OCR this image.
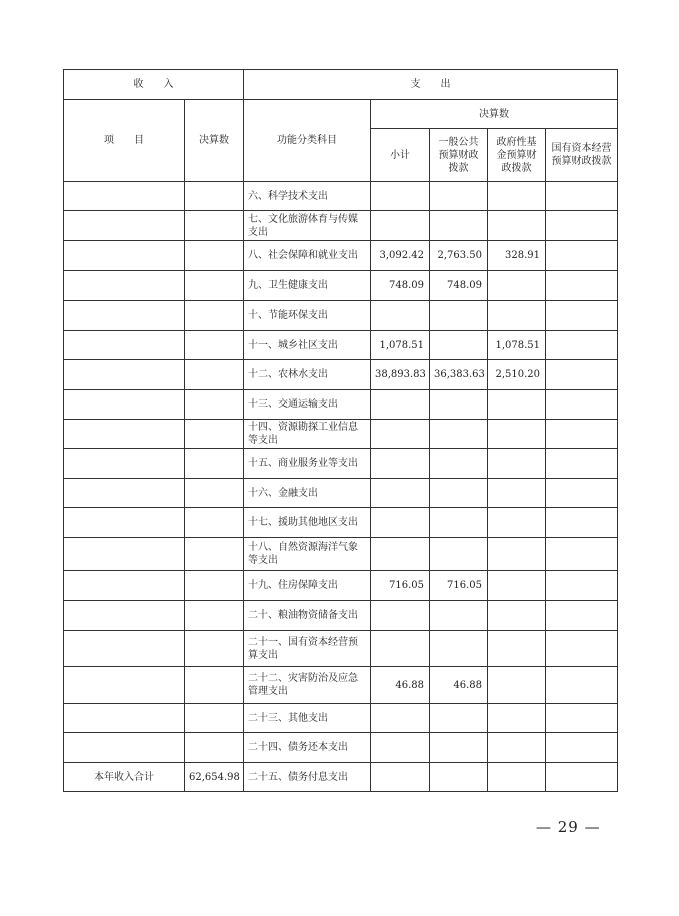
收　　入		支　　出				
项　　目	决算数	功能分类科目	决算数			
			小计	一般公共预算财政拨款	政府性基金预算财政拨款	国有资本经营预算财政拨款
		六、科学技术支出				
		七、文化旅游体育与传媒支出				
		八、社会保障和就业支出	3,092.42	2,763.50	328.91	
		九、卫生健康支出	748.09	748.09		
		十、节能环保支出				
		十一、城乡社区支出	1,078.51		1,078.51	
		十二、农林水支出	38,893.83	36,383.63	2,510.20	
		十三、交通运输支出				
		十四、资源勘探工业信息等支出				
		十五、商业服务业等支出				
		十六、金融支出				
		十七、援助其他地区支出				
		十八、自然资源海洋气象等支出				
		十九、住房保障支出	716.05	716.05		
		二十、粮油物资储备支出				
		二十一、国有资本经营预算支出				
		二十二、灾害防治及应急管理支出	46.88	46.88		
		二十三、其他支出				
		二十四、债务还本支出				
本年收入合计	62,654.98	二十五、债务付息支出				
— 29 —
